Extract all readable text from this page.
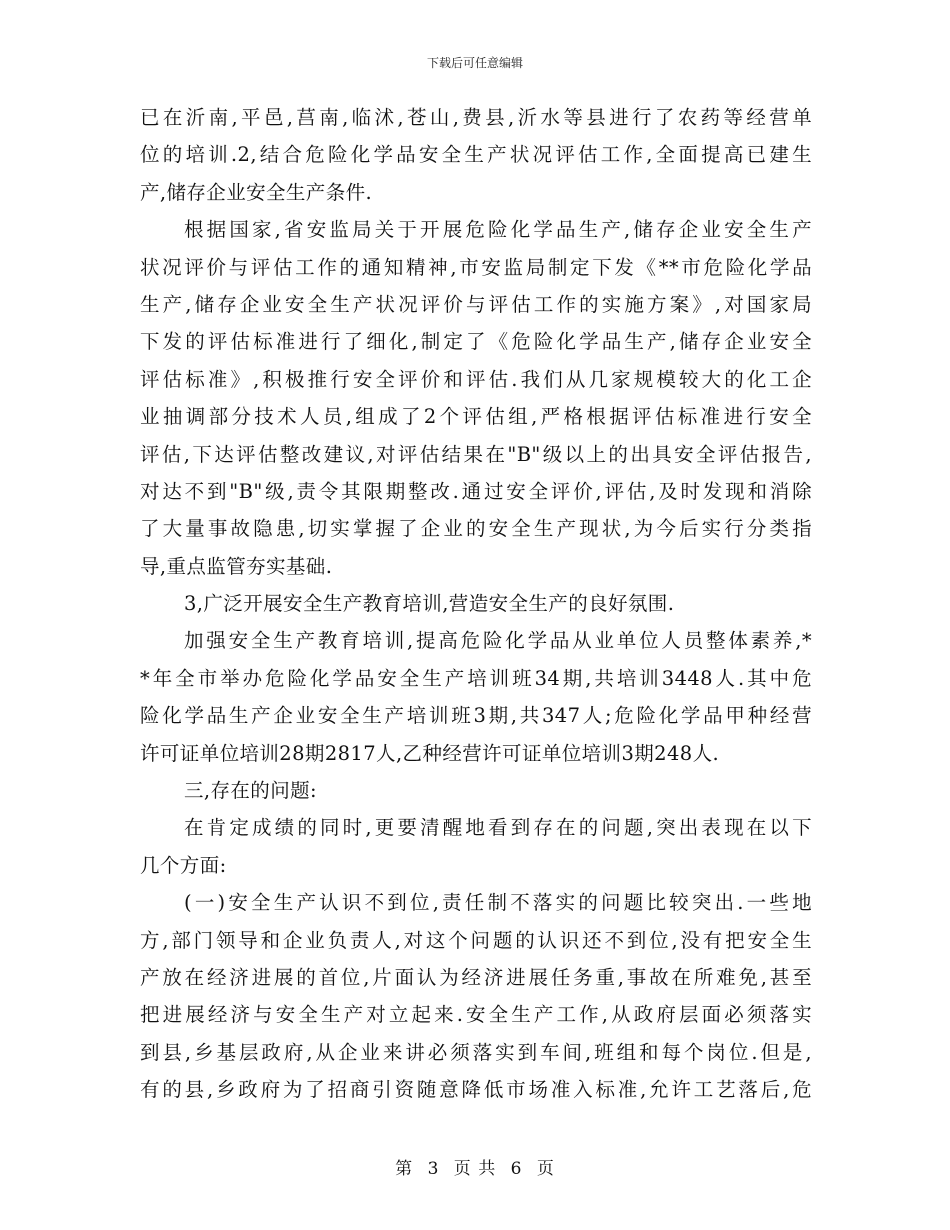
下载后可任意编辑
已在沂南,平邑,莒南,临沭,苍山,费县,沂水等县进行了农药等经营单
位的培训.2,结合危险化学品安全生产状况评估工作,全面提高已建生
产,储存企业安全生产条件.
根据国家,省安监局关于开展危险化学品生产,储存企业安全生产
状况评价与评估工作的通知精神,市安监局制定下发《**市危险化学品
生产,储存企业安全生产状况评价与评估工作的实施方案》,对国家局
下发的评估标准进行了细化,制定了《危险化学品生产,储存企业安全
评估标准》,积极推行安全评价和评估.我们从几家规模较大的化工企
业抽调部分技术人员,组成了2个评估组,严格根据评估标准进行安全
评估,下达评估整改建议,对评估结果在"B"级以上的出具安全评估报告,
对达不到"B"级,责令其限期整改.通过安全评价,评估,及时发现和消除
了大量事故隐患,切实掌握了企业的安全生产现状,为今后实行分类指
导,重点监管夯实基础.
3,广泛开展安全生产教育培训,营造安全生产的良好氛围.
加强安全生产教育培训,提高危险化学品从业单位人员整体素养,*
*年全市举办危险化学品安全生产培训班34期,共培训3448人.其中危
险化学品生产企业安全生产培训班3期,共347人;危险化学品甲种经营
许可证单位培训28期2817人,乙种经营许可证单位培训3期248人.
三,存在的问题:
在肯定成绩的同时,更要清醒地看到存在的问题,突出表现在以下
几个方面:
(一)安全生产认识不到位,责任制不落实的问题比较突出.一些地
方,部门领导和企业负责人,对这个问题的认识还不到位,没有把安全生
产放在经济进展的首位,片面认为经济进展任务重,事故在所难免,甚至
把进展经济与安全生产对立起来.安全生产工作,从政府层面必须落实
到县,乡基层政府,从企业来讲必须落实到车间,班组和每个岗位.但是,
有的县,乡政府为了招商引资随意降低市场准入标准,允许工艺落后,危
第 3 页 共 6 页
